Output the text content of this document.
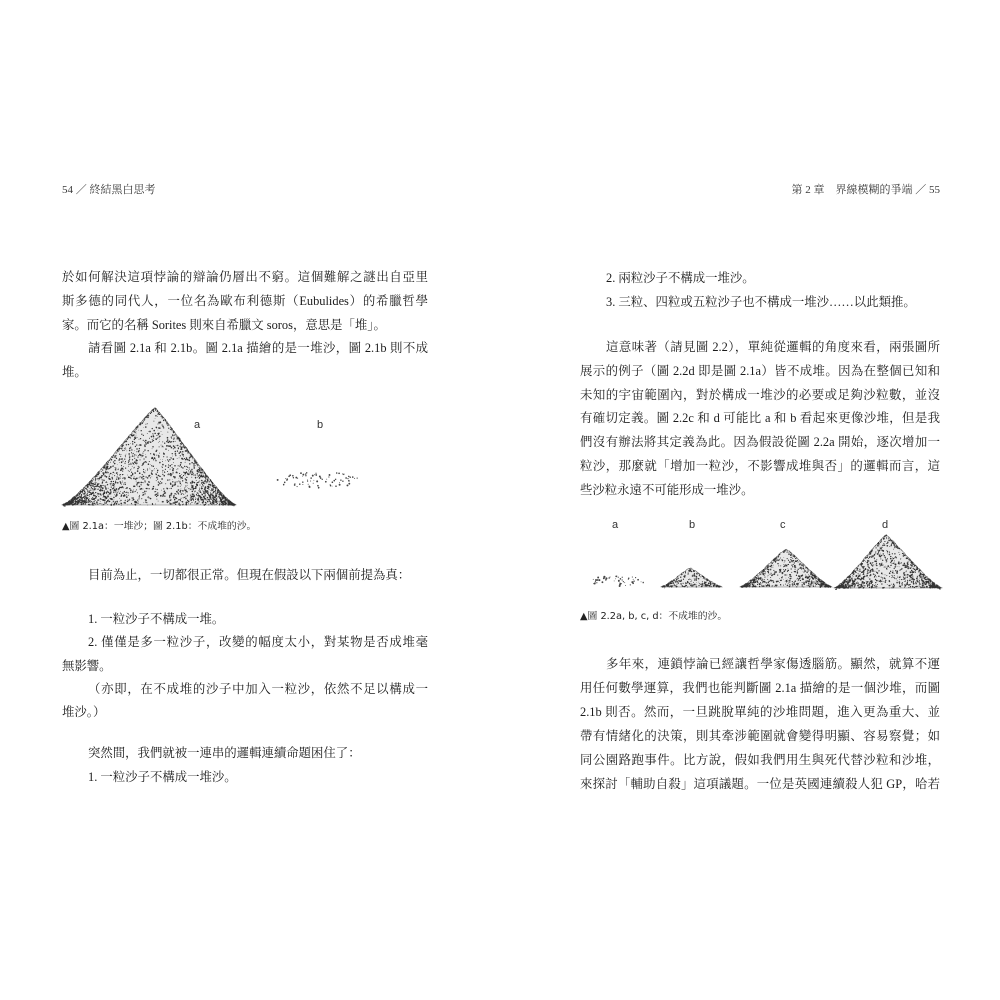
54 ／ 終結黑白思考
於如何解決這項悖論的辯論仍層出不窮。這個難解之謎出自亞里
斯多德的同代人，一位名為歐布利德斯（Eubulides）的希臘哲學
家。而它的名稱 Sorites 則來自希臘文 soros，意思是「堆」。
請看圖 2.1a 和 2.1b。圖 2.1a 描繪的是一堆沙，圖 2.1b 則不成
堆。
a	b
▲圖 2.1a：一堆沙；圖 2.1b：不成堆的沙。
目前為止，一切都很正常。但現在假設以下兩個前提為真：
1. 一粒沙子不構成一堆。
2. 僅僅是多一粒沙子，改變的幅度太小，對某物是否成堆毫
無影響。
（亦即，在不成堆的沙子中加入一粒沙，依然不足以構成一
堆沙。）
突然間，我們就被一連串的邏輯連續命題困住了：
1. 一粒沙子不構成一堆沙。
第 2 章　界線模糊的爭端 ／ 55
2. 兩粒沙子不構成一堆沙。
3. 三粒、四粒或五粒沙子也不構成一堆沙……以此類推。
這意味著（請見圖 2.2），單純從邏輯的角度來看，兩張圖所
展示的例子（圖 2.2d 即是圖 2.1a）皆不成堆。因為在整個已知和
未知的宇宙範圍內，對於構成一堆沙的必要或足夠沙粒數，並沒
有確切定義。圖 2.2c 和 d 可能比 a 和 b 看起來更像沙堆，但是我
們沒有辦法將其定義為此。因為假設從圖 2.2a 開始，逐次增加一
粒沙，那麼就「增加一粒沙，不影響成堆與否」的邏輯而言，這
些沙粒永遠不可能形成一堆沙。
a	b	c	d
▲圖 2.2a, b, c, d：不成堆的沙。
多年來，連鎖悖論已經讓哲學家傷透腦筋。顯然，就算不運
用任何數學運算，我們也能判斷圖 2.1a 描繪的是一個沙堆，而圖
2.1b 則否。然而，一旦跳脫單純的沙堆問題，進入更為重大、並
帶有情緒化的決策，則其牽涉範圍就會變得明顯、容易察覺；如
同公園路跑事件。比方說，假如我們用生與死代替沙粒和沙堆，
來探討「輔助自殺」這項議題。一位是英國連續殺人犯 GP，哈若
